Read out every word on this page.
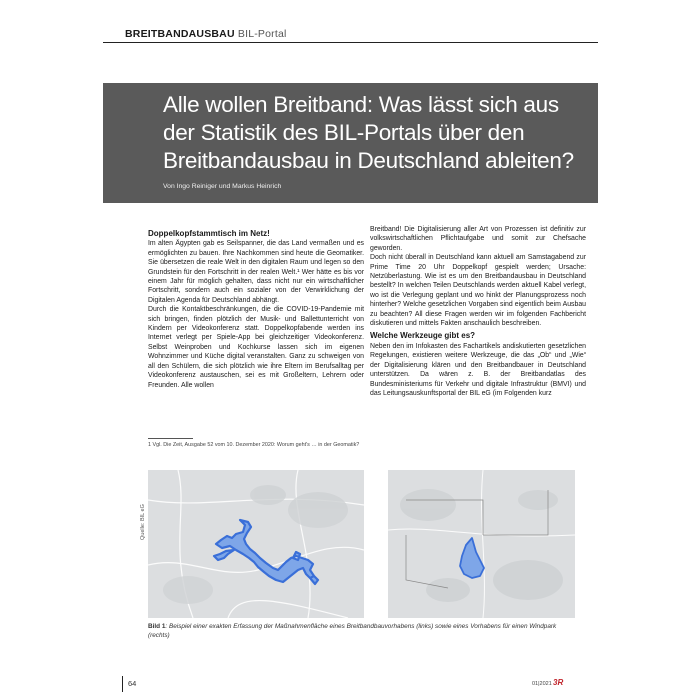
BREITBANDAUSBAU BIL-Portal
Alle wollen Breitband: Was lässt sich aus der Statistik des BIL-Portals über den Breitbandausbau in Deutschland ableiten?
Von Ingo Reiniger und Markus Heinrich
Doppelkopfstammtisch im Netz!

Im alten Ägypten gab es Seilspanner, die das Land vermaßen und es ermöglichten zu bauen. Ihre Nachkommen sind heute die Geomatiker. Sie übersetzen die reale Welt in den digitalen Raum und legen so den Grundstein für den Fortschritt in der realen Welt.¹ Wer hätte es bis vor einem Jahr für möglich gehalten, dass nicht nur ein wirtschaftlicher Fortschritt, sondern auch ein sozialer von der Verwirklichung der Digitalen Agenda für Deutschland abhängt.

Durch die Kontaktbeschränkungen, die die COVID-19-Pandemie mit sich bringen, finden plötzlich der Musik- und Ballettunterricht von Kindern per Videokonferenz statt. Doppelkopfabende werden ins Internet verlegt per Spiele-App bei gleichzeitiger Videokonferenz. Selbst Weinproben und Kochkurse lassen sich im eigenen Wohnzimmer und Küche digital veranstalten. Ganz zu schweigen von all den Schülern, die sich plötzlich wie ihre Eltern im Berufsalltag per Videokonferenz austauschen, sei es mit Großeltern, Lehrern oder Freunden. Alle wollen

1 Vgl. Die Zeit, Ausgabe 52 vom 10. Dezember 2020: Worum geht's … in der Geomatik?

Breitband! Die Digitalisierung aller Art von Prozessen ist definitiv zur volkswirtschaftlichen Pflichtaufgabe und somit zur Chefsache geworden.

Doch nicht überall in Deutschland kann aktuell am Samstagabend zur Prime Time 20 Uhr Doppelkopf gespielt werden; Ursache: Netzüberlastung. Wie ist es um den Breitbandausbau in Deutschland bestellt? In welchen Teilen Deutschlands werden aktuell Kabel verlegt, wo ist die Verlegung geplant und wo hinkt der Planungsprozess noch hinterher? Welche gesetzlichen Vorgaben sind eigentlich beim Ausbau zu beachten? All diese Fragen werden wir im folgenden Fachbericht diskutieren und mittels Fakten anschaulich beschreiben.

Welche Werkzeuge gibt es?

Neben den im Infokasten des Fachartikels andiskutierten gesetzlichen Regelungen, existieren weitere Werkzeuge, die das „Ob“ und „Wie“ der Digitalisierung klären und den Breitbandbauer in Deutschland unterstützen. Da wären z. B. der Breitbandatlas des Bundesministeriums für Verkehr und digitale Infrastruktur (BMVI) und das Leitungsauskunftsportal der BIL eG (im Folgenden kurz

Quelle: BIL eG
Bild 1: Beispiel einer exakten Erfassung der Maßnahmenfläche eines Breitbandbauvorhabens (links) sowie eines Vorhabens für einen Windpark (rechts)
64	01|2021 3R
